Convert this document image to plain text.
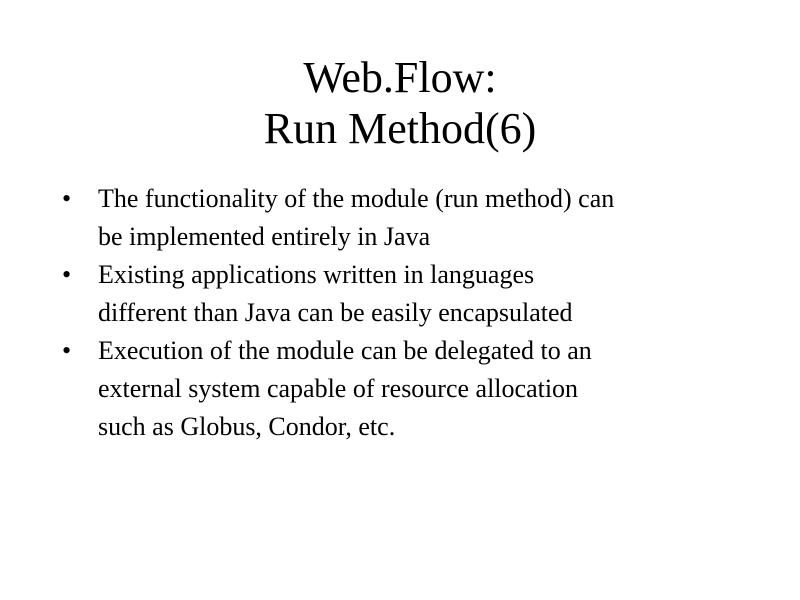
Web.Flow:
Run Method(6)
• The functionality of the module (run method) can
be implemented entirely in Java
• Existing applications written in languages
different than Java can be easily encapsulated
• Execution of the module can be delegated to an
external system capable of resource allocation
such as Globus, Condor, etc.
